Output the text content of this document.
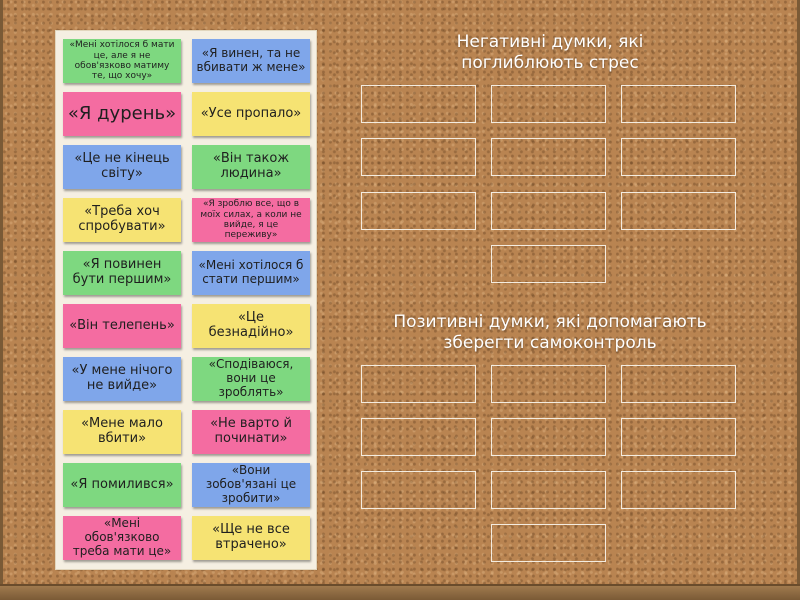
«Мені хотілося б мати це, але я не обов'язково матиму те, що хочу»
«Я винен, та не вбивати ж мене»
«Я дурень»	«Усе пропало»
«Це не кінець світу»
«Він також людина»
«Треба хоч спробувати»
«Я зроблю все, що в моїх силах, а коли не вийде, я це переживу»
«Я повинен бути першим»
«Мені хотілося б стати першим»
«Він телепень»	«Це безнадійно»
«У мене нічого не вийде»
«Сподіваюся, вони це зроблять»
«Мене мало вбити»
«Не варто й починати»
«Я помилився»
«Вони зобов'язані це зробити»
«Мені обов'язково треба мати це»
«Ще не все втрачено»
Негативні думки, які поглиблюють стрес
Позитивні думки, які допомагають зберегти самоконтроль
